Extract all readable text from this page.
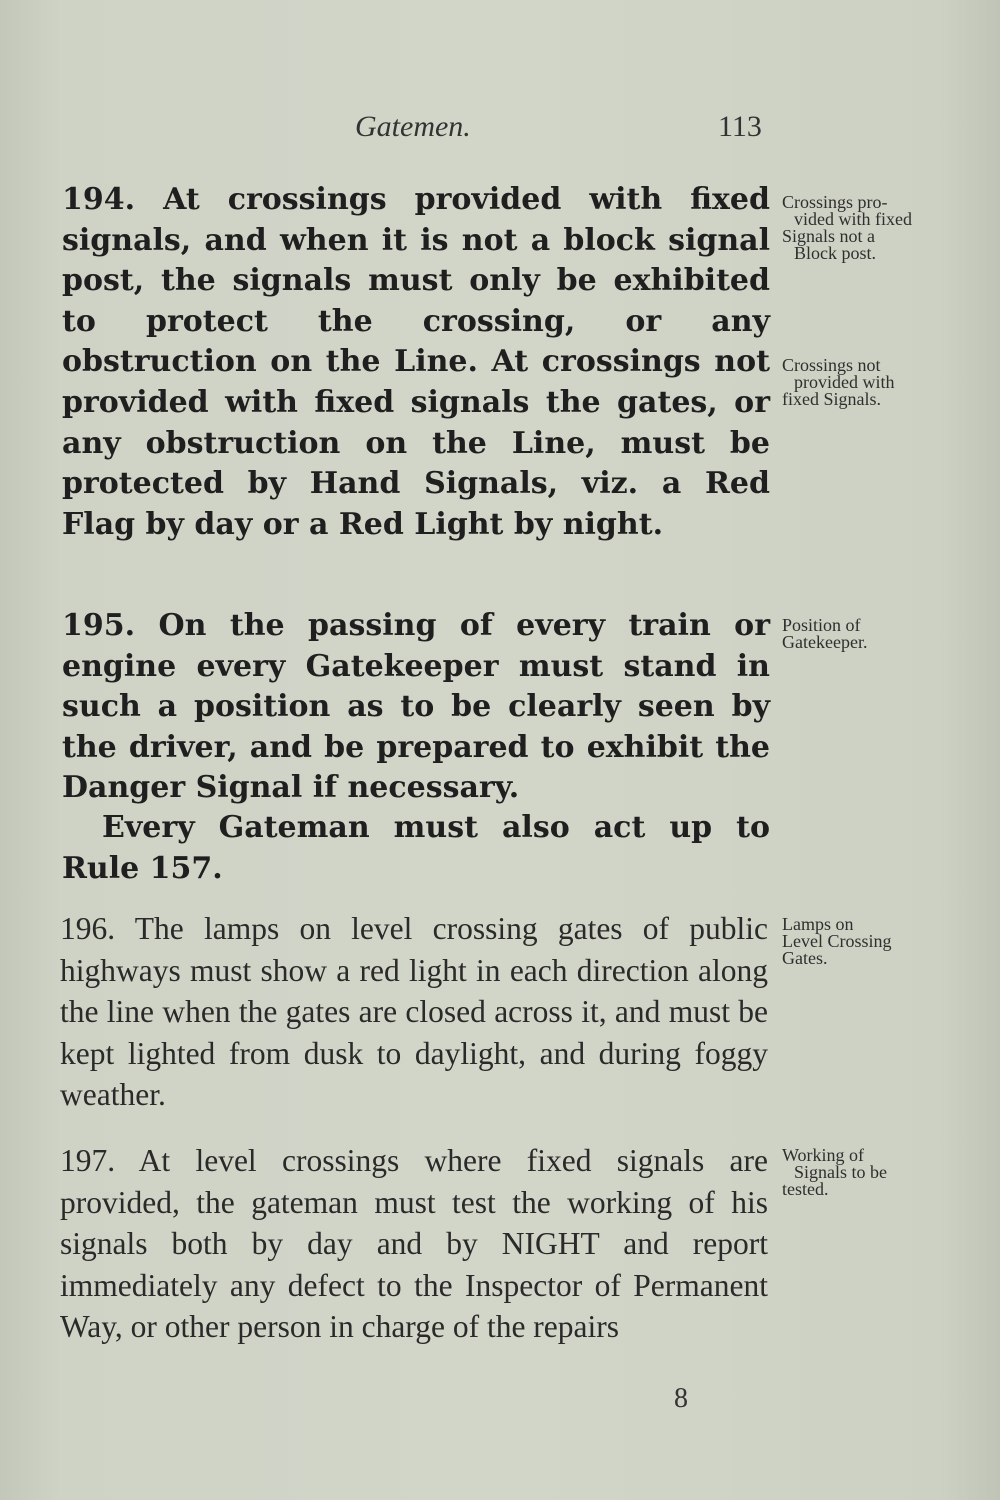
Gatemen.	113
194. At crossings provided with fixed signals, and when it is not a block signal post, the signals must only be exhibited to protect the crossing, or any obstruction on the Line. At crossings not provided with fixed signals the gates, or any obstruction on the Line, must be protected by Hand Signals, viz. a Red Flag by day or a Red Light by night.
195. On the passing of every train or engine every Gatekeeper must stand in such a position as to be clearly seen by the driver, and be prepared to exhibit the Danger Signal if necessary.
Every Gateman must also act up to Rule 157.
196. The lamps on level crossing gates of public highways must show a red light in each direction along the line when the gates are closed across it, and must be kept lighted from dusk to daylight, and during foggy weather.
197. At level crossings where fixed signals are provided, the gateman must test the working of his signals both by day and by NIGHT and report immediately any defect to the Inspector of Permanent Way, or other person in charge of the repairs
Crossings pro-
vided with fixed
Signals not a
Block post.
Crossings not
provided with
fixed Signals.
Position of
Gatekeeper.
Lamps on
Level Crossing
Gates.
Working of
Signals to be
tested.
8
